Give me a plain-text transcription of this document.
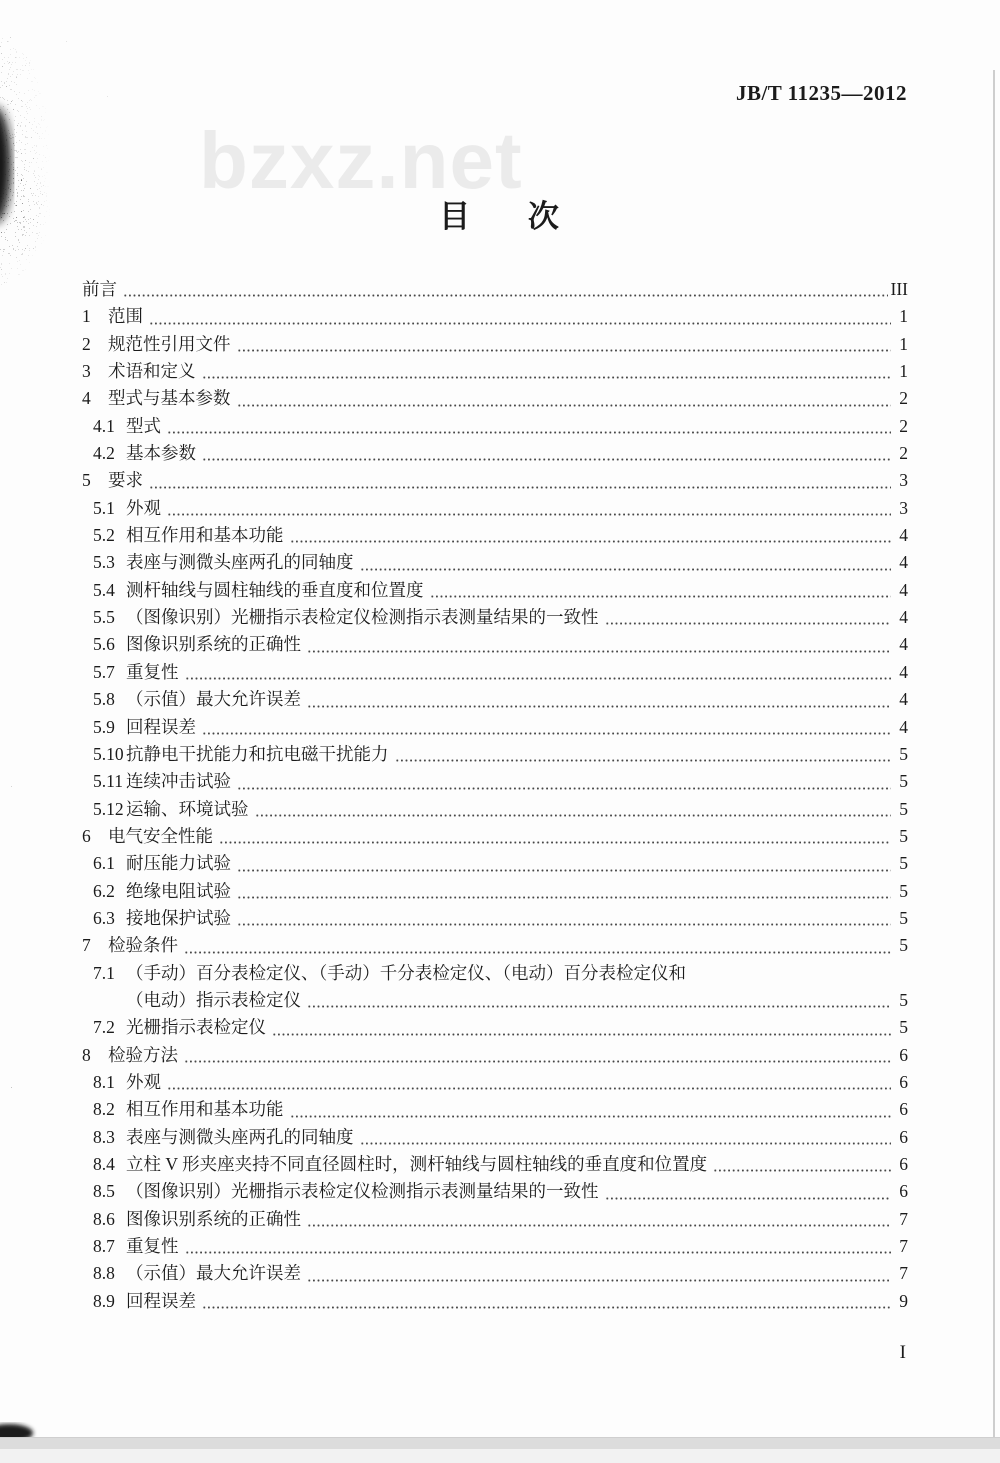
bzxz.net
JB/T 11235—2012
目 次
前言	III
1 范围	1
2 规范性引用文件	1
3 术语和定义	1
4 型式与基本参数	2
4.1 型式	2
4.2 基本参数	2
5 要求	3
5.1 外观	3
5.2 相互作用和基本功能	4
5.3 表座与测微头座两孔的同轴度	4
5.4 测杆轴线与圆柱轴线的垂直度和位置度	4
5.5 （图像识别）光栅指示表检定仪检测指示表测量结果的一致性	4
5.6 图像识别系统的正确性	4
5.7 重复性	4
5.8 （示值）最大允许误差	4
5.9 回程误差	4
5.10 抗静电干扰能力和抗电磁干扰能力	5
5.11 连续冲击试验	5
5.12 运输、环境试验	5
6 电气安全性能	5
6.1 耐压能力试验	5
6.2 绝缘电阻试验	5
6.3 接地保护试验	5
7 检验条件	5
7.1 （手动）百分表检定仪、（手动）千分表检定仪、（电动）百分表检定仪和
（电动）指示表检定仪	5
7.2 光栅指示表检定仪	5
8 检验方法	6
8.1 外观	6
8.2 相互作用和基本功能	6
8.3 表座与测微头座两孔的同轴度	6
8.4 立柱 V 形夹座夹持不同直径圆柱时，测杆轴线与圆柱轴线的垂直度和位置度	6
8.5 （图像识别）光栅指示表检定仪检测指示表测量结果的一致性	6
8.6 图像识别系统的正确性	7
8.7 重复性	7
8.8 （示值）最大允许误差	7
8.9 回程误差	9
I
